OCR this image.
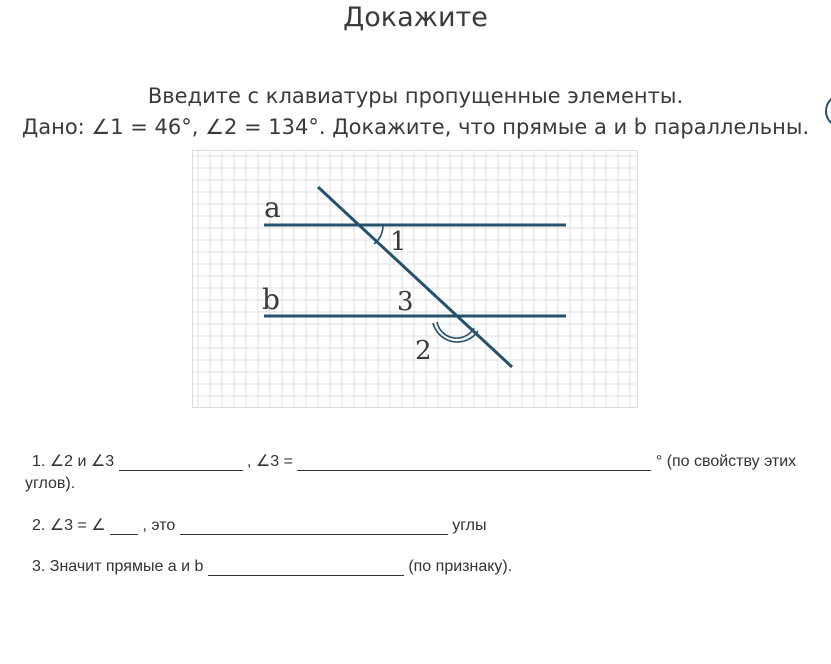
Докажите
Введите с клавиатуры пропущенные элементы.
Дано: ∠1 = 46°, ∠2 = 134°. Докажите, что прямые a и b параллельны.
a
b
1
3
2
1. ∠2 и ∠3	, ∠3 =	° (по свойству этих
углов).
2. ∠3 = ∠ , это	углы
3. Значит прямые a и b	(по признаку).
